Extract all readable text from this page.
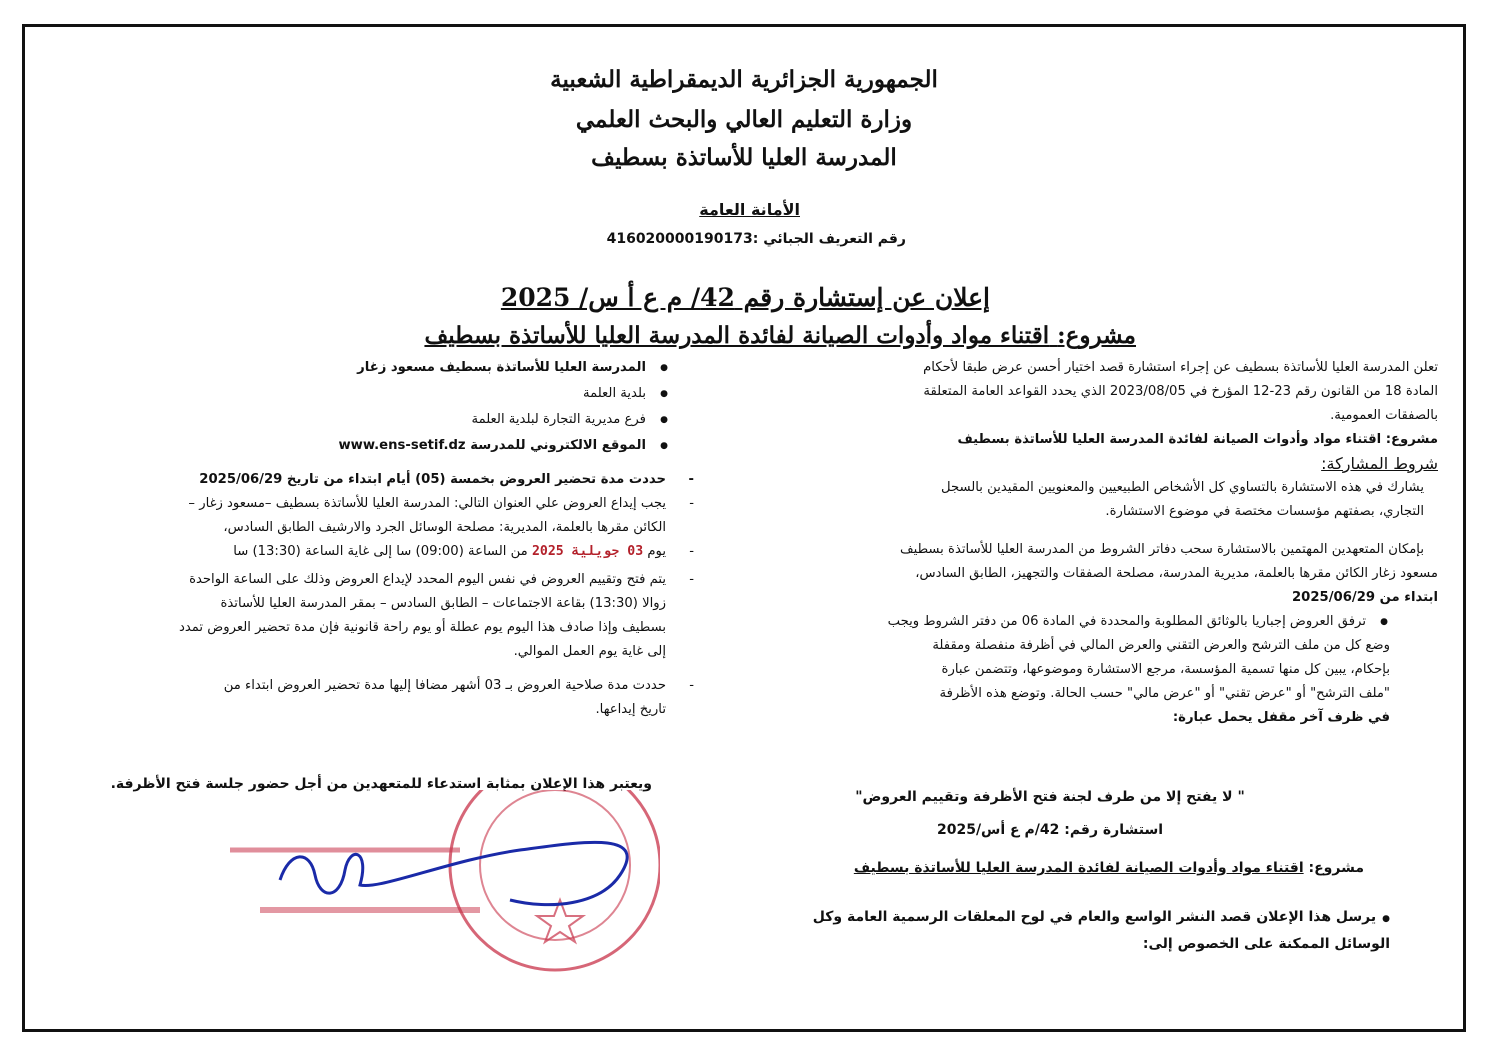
الجمهورية الجزائرية الديمقراطية الشعبية
وزارة التعليم العالي والبحث العلمي
المدرسة العليا للأساتذة بسطيف
الأمانة العامة
رقم التعريف الجبائي :416020000190173
إعلان عن إستشارة رقم 42/ م ع أ س/ 2025
مشروع: اقتناء مواد وأدوات الصيانة لفائدة المدرسة العليا للأساتذة بسطيف

تعلن المدرسة العليا للأساتذة بسطيف عن إجراء استشارة قصد اختيار أحسن عرض طبقا لأحكام

المادة 18 من القانون رقم 23-12 المؤرخ في 2023/08/05 الذي يحدد القواعد العامة المتعلقة

بالصفقات العمومية.

مشروع: اقتناء مواد وأدوات الصيانة لفائدة المدرسة العليا للأساتذة بسطيف

شروط المشاركة:

يشارك في هذه الاستشارة بالتساوي كل الأشخاص الطبيعيين والمعنويين المقيدين بالسجل

التجاري، بصفتهم مؤسسات مختصة في موضوع الاستشارة.

بإمكان المتعهدين المهتمين بالاستشارة سحب دفاتر الشروط من المدرسة العليا للأساتذة بسطيف

مسعود زغار الكائن مقرها بالعلمة، مديرية المدرسة، مصلحة الصفقات والتجهيز، الطابق السادس،

ابتداء من 2025/06/29

● ترفق العروض إجباريا بالوثائق المطلوبة والمحددة في المادة 06 من دفتر الشروط ويجب
وضع كل من ملف الترشح والعرض التقني والعرض المالي في أظرفة منفصلة ومقفلة
بإحكام، يبين كل منها تسمية المؤسسة، مرجع الاستشارة وموضوعها، وتتضمن عبارة
"ملف الترشح" أو "عرض تقني" أو "عرض مالي" حسب الحالة. وتوضع هذه الأظرفة
في ظرف آخر مقفل يحمل عبارة:
" لا يفتح إلا من طرف لجنة فتح الأظرفة وتقييم العروض"
استشارة رقم: 42/م ع أس/2025
مشروع: اقتناء مواد وأدوات الصيانة لفائدة المدرسة العليا للأساتذة بسطيف
●يرسل هذا الإعلان قصد النشر الواسع والعام في لوح المعلقات الرسمية العامة وكل
الوسائل الممكنة على الخصوص إلى:
● المدرسة العليا للأساتذة بسطيف مسعود زغار
● بلدية العلمة
● فرع مديرية التجارة لبلدية العلمة
● الموقع الالكتروني للمدرسة www.ens-setif.dz
- حددت مدة تحضير العروض بخمسة (05) أيام ابتداء من تاريخ 2025/06/29
- يجب إيداع العروض علي العنوان التالي: المدرسة العليا للأساتذة بسطيف –مسعود زغار –
الكائن مقرها بالعلمة، المديرية: مصلحة الوسائل الجرد والارشيف الطابق السادس،
- يوم 03 جويلية 2025 من الساعة (09:00) سا إلى غاية الساعة (13:30) سا
- يتم فتح وتقييم العروض في نفس اليوم المحدد لإيداع العروض وذلك على الساعة الواحدة
زوالا (13:30) بقاعة الاجتماعات – الطابق السادس – بمقر المدرسة العليا للأساتذة
بسطيف وإذا صادف هذا اليوم يوم عطلة أو يوم راحة قانونية فإن مدة تحضير العروض تمدد
إلى غاية يوم العمل الموالي.
- حددت مدة صلاحية العروض بـ 03 أشهر مضافا إليها مدة تحضير العروض ابتداء من
تاريخ إيداعها.
ويعتبر هذا الإعلان بمثابة استدعاء للمتعهدين من أجل حضور جلسة فتح الأظرفة.
